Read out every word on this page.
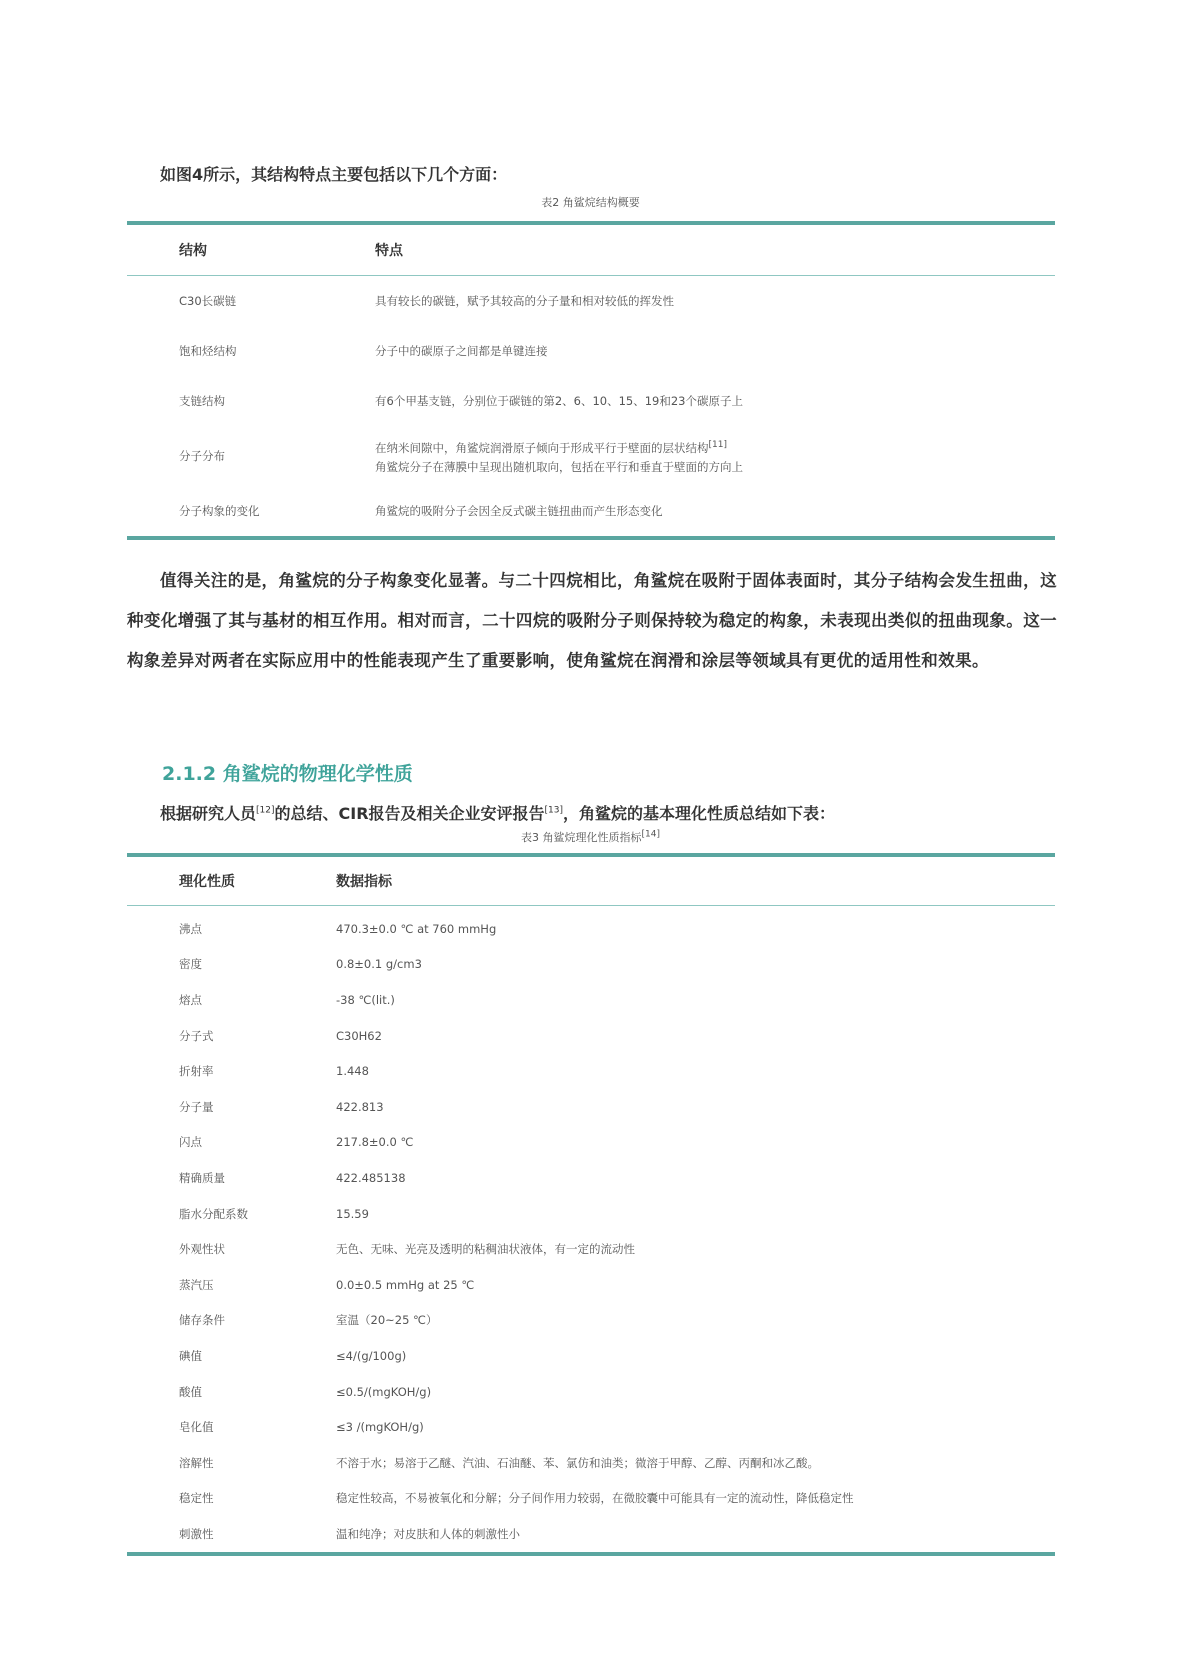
如图4所示，其结构特点主要包括以下几个方面：

表2 角鲨烷结构概要
结构	特点
C30长碳链	具有较长的碳链，赋予其较高的分子量和相对较低的挥发性
饱和烃结构	分子中的碳原子之间都是单键连接
支链结构	有6个甲基支链，分别位于碳链的第2、6、10、15、19和23个碳原子上
分子分布	在纳米间隙中，角鲨烷润滑原子倾向于形成平行于壁面的层状结构[11]
角鲨烷分子在薄膜中呈现出随机取向，包括在平行和垂直于壁面的方向上
分子构象的变化	角鲨烷的吸附分子会因全反式碳主链扭曲而产生形态变化

值得关注的是，角鲨烷的分子构象变化显著。与二十四烷相比，角鲨烷在吸附于固体表面时，其分子结构会发生扭曲，这种变化增强了其与基材的相互作用。相对而言，二十四烷的吸附分子则保持较为稳定的构象，未表现出类似的扭曲现象。这一构象差异对两者在实际应用中的性能表现产生了重要影响，使角鲨烷在润滑和涂层等领域具有更优的适用性和效果。

2.1.2 角鲨烷的物理化学性质

根据研究人员[12]的总结、CIR报告及相关企业安评报告[13]，角鲨烷的基本理化性质总结如下表：

表3 角鲨烷理化性质指标[14]
理化性质	数据指标
沸点	470.3±0.0 ℃ at 760 mmHg
密度	0.8±0.1 g/cm3
熔点	-38 ℃(lit.)
分子式	C30H62
折射率	1.448
分子量	422.813
闪点	217.8±0.0 ℃
精确质量	422.485138
脂水分配系数	15.59
外观性状	无色、无味、光亮及透明的粘稠油状液体，有一定的流动性
蒸汽压	0.0±0.5 mmHg at 25 ℃
储存条件	室温（20~25 ℃）
碘值	≤4/(g/100g)
酸值	≤0.5/(mgKOH/g)
皂化值	≤3 /(mgKOH/g)
溶解性	不溶于水；易溶于乙醚、汽油、石油醚、苯、氯仿和油类；微溶于甲醇、乙醇、丙酮和冰乙酸。
稳定性	稳定性较高，不易被氧化和分解；分子间作用力较弱，在微胶囊中可能具有一定的流动性，降低稳定性
刺激性	温和纯净；对皮肤和人体的刺激性小
